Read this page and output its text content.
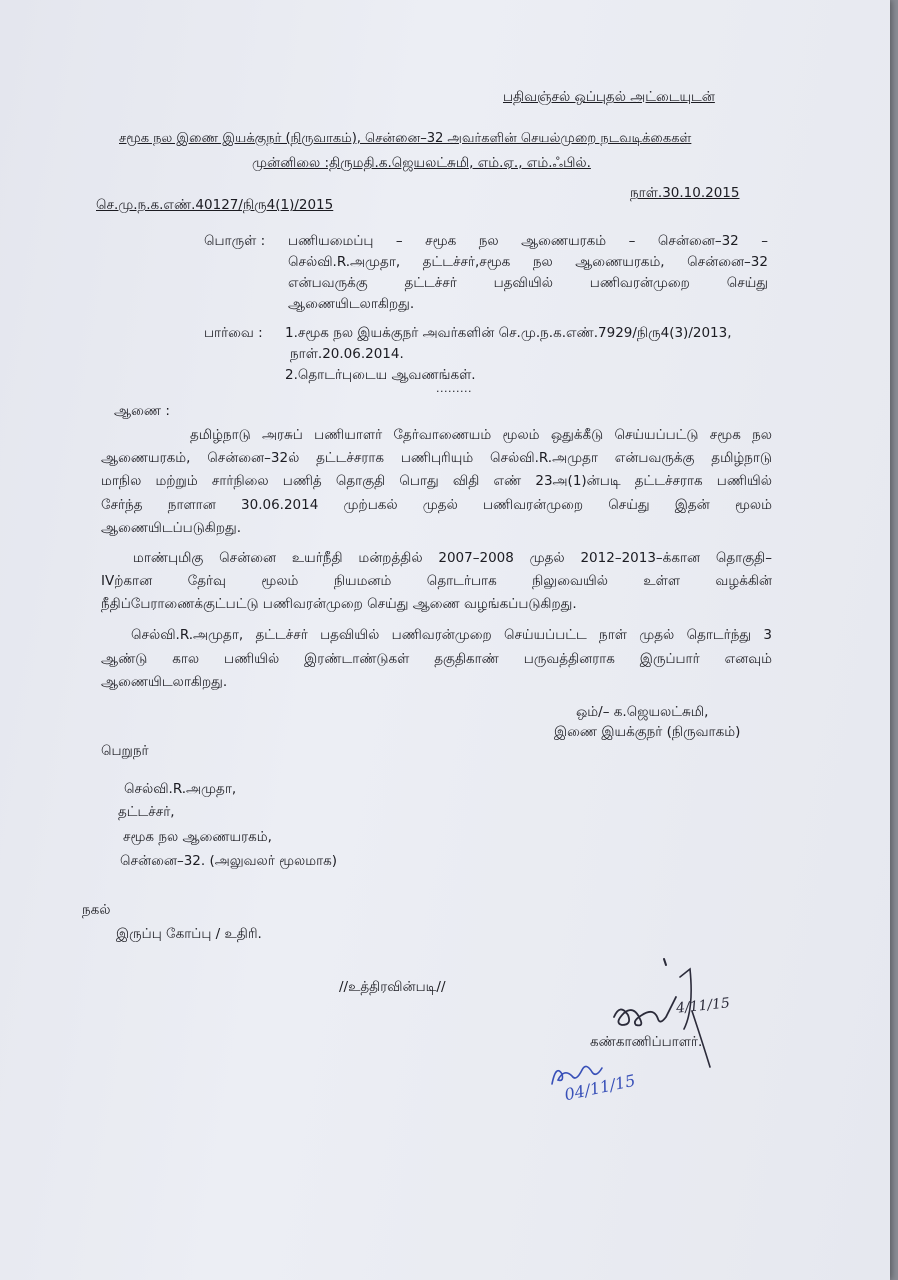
பதிவஞ்சல் ஒப்புதல் அட்டையுடன்
சமூக நல இணை இயக்குநர் (நிருவாகம்), சென்னை–32 அவர்களின் செயல்முறை நடவடிக்கைகள்
முன்னிலை :திருமதி.க.ஜெயலட்சுமி, எம்.ஏ., எம்.ஃபில்.
நாள்.30.10.2015
செ.மு.ந.க.எண்.40127/நிரு4(1)/2015
பொருள் : பணியமைப்பு – சமூக நல ஆணையரகம் – சென்னை–32 –
செல்வி.R.அமுதா, தட்டச்சர்,சமூக நல ஆணையரகம், சென்னை–32
என்பவருக்கு தட்டச்சர் பதவியில் பணிவரன்முறை செய்து
ஆணையிடலாகிறது.
பார்வை : 1.சமூக நல இயக்குநர் அவர்களின் செ.மு.ந.க.எண்.7929/நிரு4(3)/2013,
நாள்.20.06.2014.
2.தொடர்புடைய ஆவணங்கள்.
.........
ஆணை :
தமிழ்நாடு அரசுப் பணியாளர் தேர்வாணையம் மூலம் ஒதுக்கீடு செய்யப்பட்டு சமூக நல
ஆணையரகம், சென்னை–32ல் தட்டச்சராக பணிபுரியும் செல்வி.R.அமுதா என்பவருக்கு தமிழ்நாடு
மாநில மற்றும் சார்நிலை பணித் தொகுதி பொது விதி எண் 23அ(1)ன்படி தட்டச்சராக பணியில்
சேர்ந்த நாளான 30.06.2014 முற்பகல் முதல் பணிவரன்முறை செய்து இதன் மூலம்
ஆணையிடப்படுகிறது.
மாண்புமிகு சென்னை உயர்நீதி மன்றத்தில் 2007–2008 முதல் 2012–2013–க்கான தொகுதி–
IVற்கான தேர்வு மூலம் நியமனம் தொடர்பாக நிலுவையில் உள்ள வழக்கின்
நீதிப்பேராணைக்குட்பட்டு பணிவரன்முறை செய்து ஆணை வழங்கப்படுகிறது.
செல்வி.R.அமுதா, தட்டச்சர் பதவியில் பணிவரன்முறை செய்யப்பட்ட நாள் முதல் தொடர்ந்து 3
ஆண்டு கால பணியில் இரண்டாண்டுகள் தகுதிகாண் பருவத்தினராக இருப்பார் எனவும்
ஆணையிடலாகிறது.
ஒம்/– க.ஜெயலட்சுமி,
இணை இயக்குநர் (நிருவாகம்)
பெறுநர்
செல்வி.R.அமுதா,
தட்டச்சர்,
சமூக நல ஆணையரகம்,
சென்னை–32. (அலுவலர் மூலமாக)
நகல்
இருப்பு கோப்பு / உதிரி.
//உத்திரவின்படி//
4/11/15
கண்காணிப்பாளர்.
04/11/15
